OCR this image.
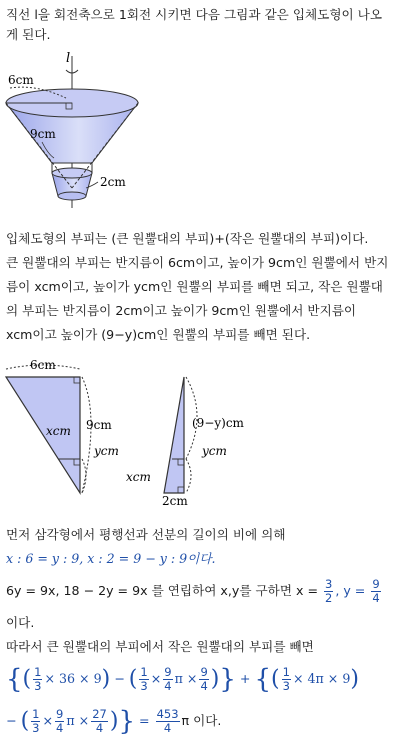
직선 l을 회전축으로 1회전 시키면 다음 그림과 같은 입체도형이 나오
게 된다.
l
6cm
9cm
2cm
입체도형의 부피는 (큰 원뿔대의 부피)+(작은 원뿔대의 부피)이다.
큰 원뿔대의 부피는 반지름이 6cm이고, 높이가 9cm인 원뿔에서 반지
름이 xcm이고, 높이가 ycm인 원뿔의 부피를 빼면 되고, 작은 원뿔대
의 부피는 반지름이 2cm이고 높이가 9cm인 원뿔에서 반지름이
xcm이고 높이가 (9−y)cm인 원뿔의 부피를 빼면 된다.
6cm
9cm
xcm
ycm
(9−y)cm
ycm
xcm
2cm
먼저 삼각형에서 평행선과 선분의 길이의 비에 의해
x : 6 = y : 9, x : 2 = 9 − y : 9이다.
6y = 9x, 18 − 2y = 9x 를 연립하여 x,y를 구하면 $x = \frac{3}{2}$ , $y = \frac{9}{4}$
이다.
따라서 큰 원뿔대의 부피에서 작은 원뿔대의 부피를 빼면
{( $\frac{1}{3} \times 36 \times 9$) − ( $\frac{1}{3} \times \frac{9}{4}$ $\pi \times \frac{9}{4}$ )} + {( $\frac{1}{3} \times 4\pi \times 9$)
− ( $\frac{1}{3} \times \frac{9}{4}$ $\pi \times \frac{27}{4}$ )} = $\frac{453}{4}$ π 이다.
